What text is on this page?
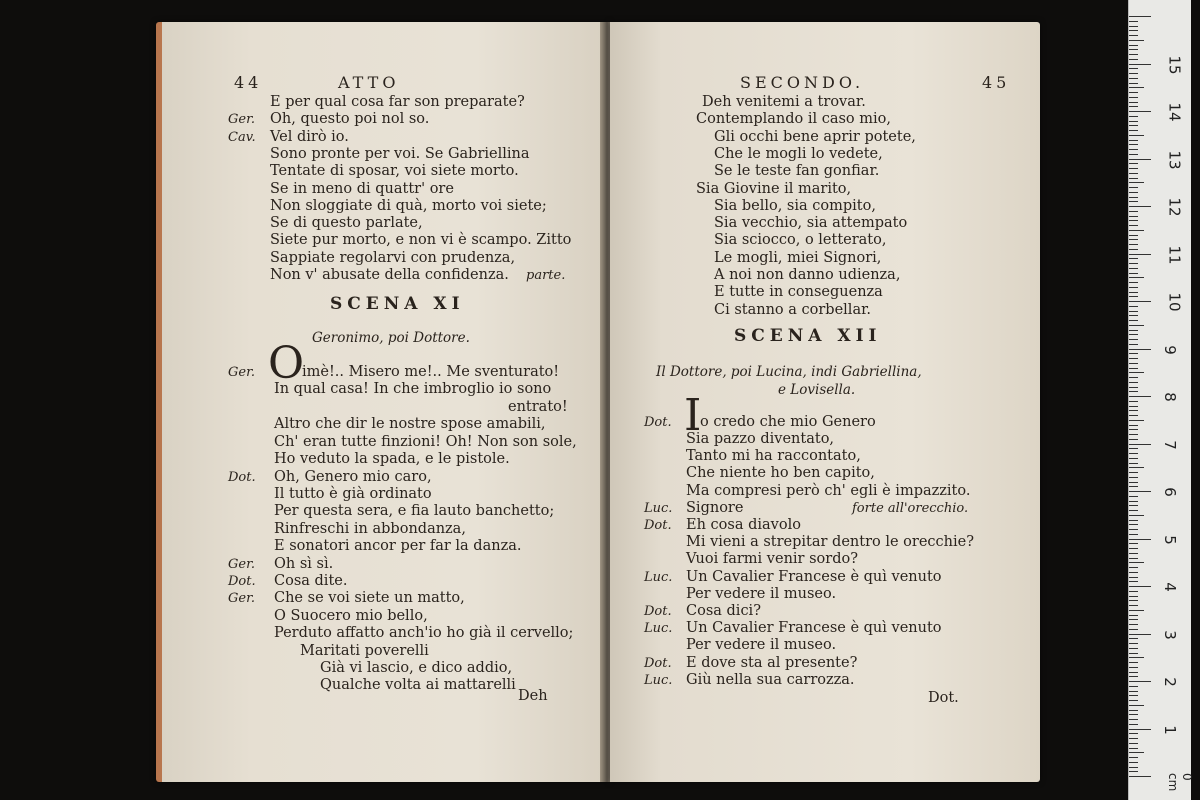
44	ATTO
E per qual cosa far son preparate?
Ger. Oh, questo poi nol so.
Cav. Vel dirò io.
Sono pronte per voi. Se Gabriellina
Tentate di sposar, voi siete morto.
Se in meno di quattr' ore
Non sloggiate di quà, morto voi siete;
Se di questo parlate,
Siete pur morto, e non vi è scampo. Zitto
Sappiate regolarvi con prudenza,
Non v' abusate della confidenza. parte.
SCENA XI
Geronimo, poi Dottore.
Ger. O
imè!.. Misero me!.. Me sventurato!
In qual casa! In che imbroglio io sono
entrato!
Altro che dir le nostre spose amabili,
Ch' eran tutte finzioni! Oh! Non son sole,
Ho veduto la spada, e le pistole.
Dot. Oh, Genero mio caro,
Il tutto è già ordinato
Per questa sera, e fia lauto banchetto;
Rinfreschi in abbondanza,
E sonatori ancor per far la danza.
Ger. Oh sì sì.
Dot. Cosa dite.
Ger. Che se voi siete un matto,
O Suocero mio bello,
Perduto affatto anch'io ho già il cervello;
Maritati poverelli
Già vi lascio, e dico addio,
Qualche volta ai mattarelli
Deh
SECONDO.	45
Deh venitemi a trovar.
Contemplando il caso mio,
Gli occhi bene aprir potete,
Che le mogli lo vedete,
Se le teste fan gonfiar.
Sia Giovine il marito,
Sia bello, sia compito,
Sia vecchio, sia attempato
Sia sciocco, o letterato,
Le mogli, miei Signori,
A noi non danno udienza,
E tutte in conseguenza
Ci stanno a corbellar.
SCENA XII
Il Dottore, poi Lucina, indi Gabriellina,
e Lovisella.
Dot. I
o credo che mio Genero
Sia pazzo diventato,
Tanto mi ha raccontato,
Che niente ho ben capito,
Ma compresi però ch' egli è impazzito.
Luc. Signore
Dot. Eh cosa diavolo
Mi vieni a strepitar dentro le orecchie?
Vuoi farmi venir sordo?
Luc. Un Cavalier Francese è quì venuto
Per vedere il museo.
Dot. Cosa dici?
Luc. Un Cavalier Francese è quì venuto
Per vedere il museo.
Dot. E dove sta al presente?
Luc. Giù nella sua carrozza.
forte all'orecchio.
Dot.
0 cm
1
2
3
4
5
6
7
8
9
10
11
12
13
14
15
